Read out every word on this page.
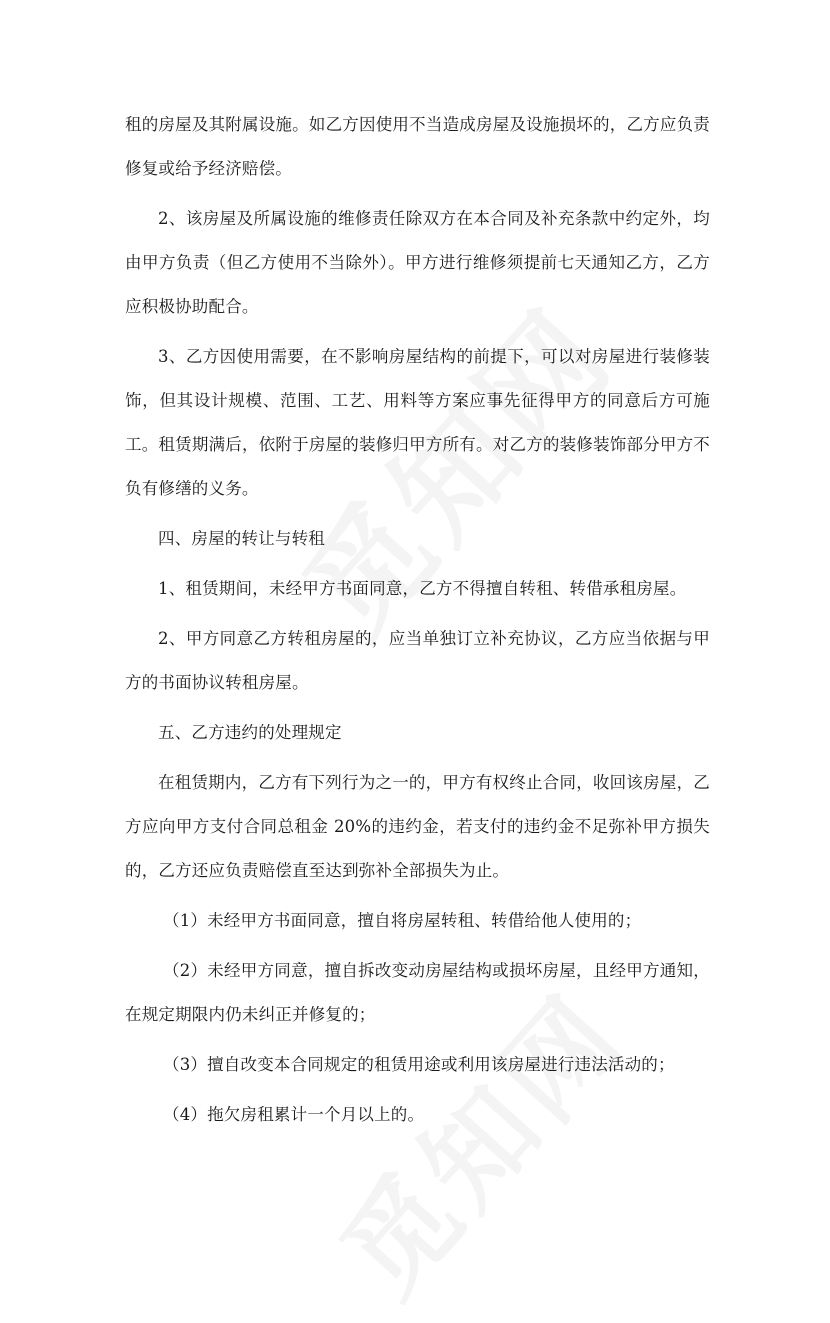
租的房屋及其附属设施。如乙方因使用不当造成房屋及设施损坏的，乙方应负责修复或给予经济赔偿。

2、该房屋及所属设施的维修责任除双方在本合同及补充条款中约定外，均由甲方负责（但乙方使用不当除外）。甲方进行维修须提前七天通知乙方，乙方应积极协助配合。

3、乙方因使用需要，在不影响房屋结构的前提下，可以对房屋进行装修装饰，但其设计规模、范围、工艺、用料等方案应事先征得甲方的同意后方可施工。租赁期满后，依附于房屋的装修归甲方所有。对乙方的装修装饰部分甲方不负有修缮的义务。

四、房屋的转让与转租

1、租赁期间，未经甲方书面同意，乙方不得擅自转租、转借承租房屋。

2、甲方同意乙方转租房屋的，应当单独订立补充协议，乙方应当依据与甲方的书面协议转租房屋。

五、乙方违约的处理规定

在租赁期内，乙方有下列行为之一的，甲方有权终止合同，收回该房屋，乙方应向甲方支付合同总租金 20%的违约金，若支付的违约金不足弥补甲方损失的，乙方还应负责赔偿直至达到弥补全部损失为止。

（1）未经甲方书面同意，擅自将房屋转租、转借给他人使用的；

（2）未经甲方同意，擅自拆改变动房屋结构或损坏房屋，且经甲方通知，在规定期限内仍未纠正并修复的；

（3）擅自改变本合同规定的租赁用途或利用该房屋进行违法活动的；

（4）拖欠房租累计一个月以上的。
